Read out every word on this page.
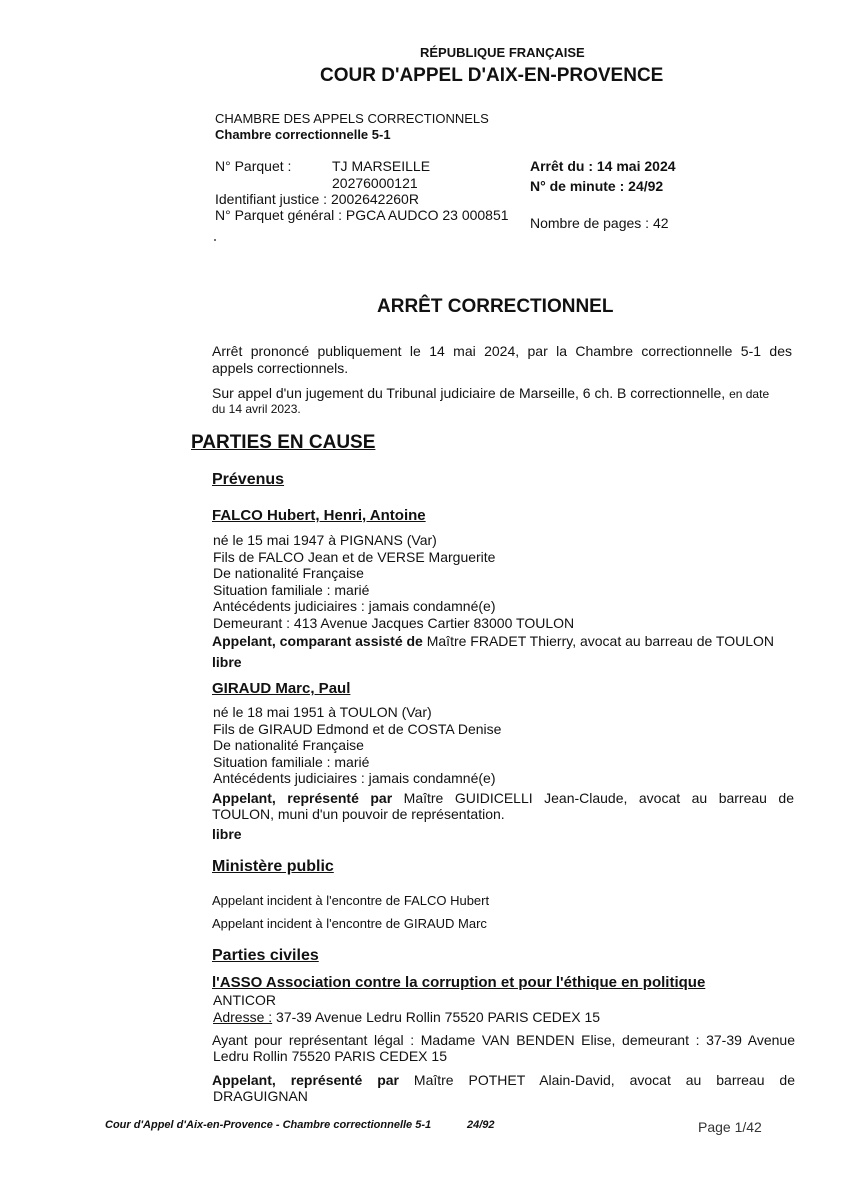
RÉPUBLIQUE FRANÇAISE
COUR D'APPEL D'AIX-EN-PROVENCE
CHAMBRE DES APPELS CORRECTIONNELS
Chambre correctionnelle 5-1
N° Parquet :	TJ MARSEILLE
20276000121
Identifiant justice : 2002642260R
N° Parquet général : PGCA AUDCO 23 000851
Arrêt du : 14 mai 2024
N° de minute : 24/92
Nombre de pages : 42
ARRÊT CORRECTIONNEL
Arrêt prononcé publiquement le 14 mai 2024, par la Chambre correctionnelle 5-1 des
appels correctionnels.
Sur appel d'un jugement du Tribunal judiciaire de Marseille, 6 ch. B correctionnelle, en date
du 14 avril 2023.
PARTIES EN CAUSE
Prévenus
FALCO Hubert, Henri, Antoine
né le 15 mai 1947 à PIGNANS (Var)
Fils de FALCO Jean et de VERSE Marguerite
De nationalité Française
Situation familiale : marié
Antécédents judiciaires : jamais condamné(e)
Demeurant : 413 Avenue Jacques Cartier 83000 TOULON
Appelant, comparant assisté de Maître FRADET Thierry, avocat au barreau de TOULON
libre
GIRAUD Marc, Paul
né le 18 mai 1951 à TOULON (Var)
Fils de GIRAUD Edmond et de COSTA Denise
De nationalité Française
Situation familiale : marié
Antécédents judiciaires : jamais condamné(e)
Appelant, représenté par Maître GUIDICELLI Jean-Claude, avocat au barreau de
TOULON, muni d'un pouvoir de représentation.
libre
Ministère public
Appelant incident à l'encontre de FALCO Hubert
Appelant incident à l'encontre de GIRAUD Marc
Parties civiles
l'ASSO Association contre la corruption et pour l'éthique en politique
ANTICOR
Adresse : 37-39 Avenue Ledru Rollin 75520 PARIS CEDEX 15
Ayant pour représentant légal : Madame VAN BENDEN Elise, demeurant : 37-39 Avenue
Ledru Rollin 75520 PARIS CEDEX 15
Appelant, représenté par Maître POTHET Alain-David, avocat au barreau de
DRAGUIGNAN
Cour d'Appel d'Aix-en-Provence - Chambre correctionnelle 5-1	24/92	Page 1/42
